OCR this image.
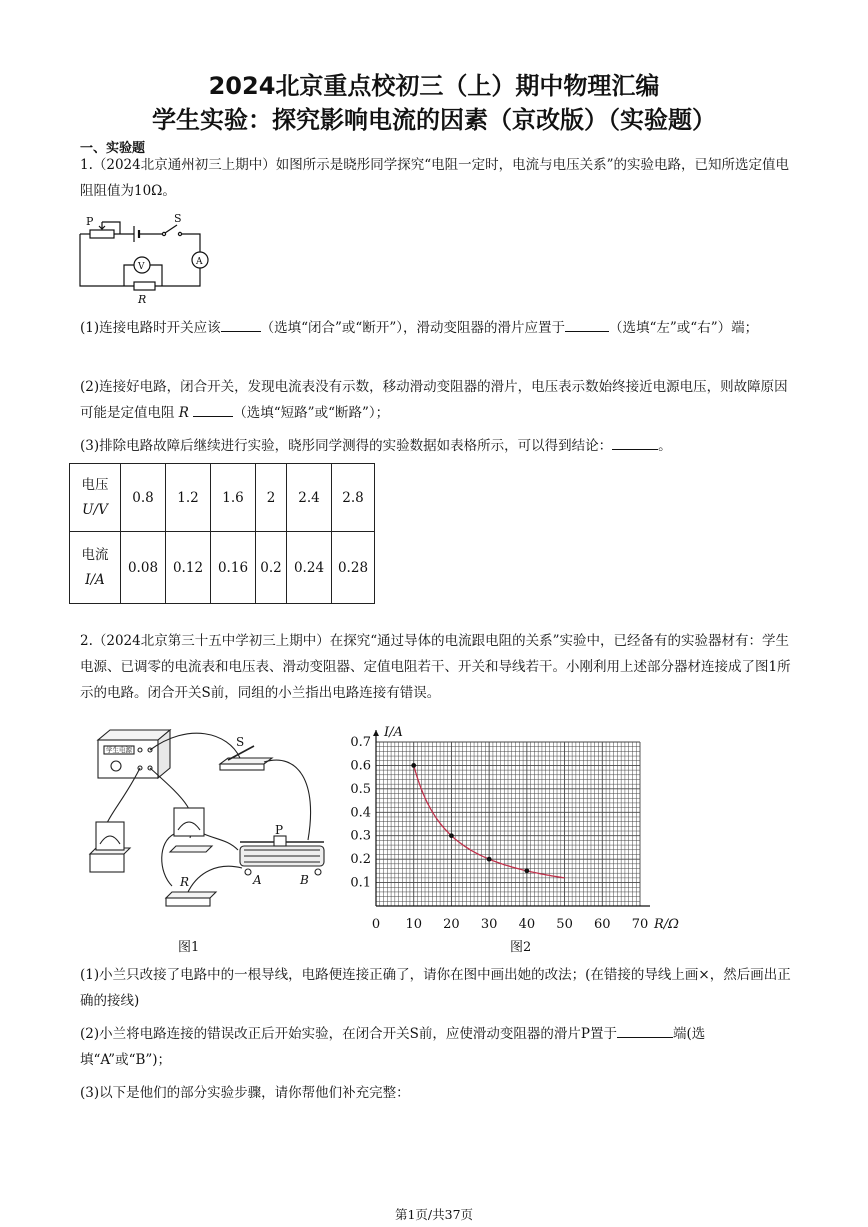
2024北京重点校初三（上）期中物理汇编
学生实验：探究影响电流的因素（京改版）（实验题）
一、实验题
1.（2024北京通州初三上期中）如图所示是晓彤同学探究“电阻一定时，电流与电压关系”的实验电路，已知所选定值电阻阻值为10Ω。
P	S
V	A
R
(1)连接电路时开关应该	（选填“闭合”或“断开”），滑动变阻器的滑片应置于	（选填“左”或“右”）端；
(2)连接好电路，闭合开关，发现电流表没有示数，移动滑动变阻器的滑片，电压表示数始终接近电源电压，则故障原因可能是定值电阻 R	（选填“短路”或“断路”）；
(3)排除电路故障后继续进行实验，晓彤同学测得的实验数据如表格所示，可以得到结论：	。
电压
U/V	0.8	1.2	1.6	2	2.4	2.8

电流
I/A	0.08	0.12	0.16	0.2	0.24	0.28
2.（2024北京第三十五中学初三上期中）在探究“通过导体的电流跟电阻的关系”实验中，已经备有的实验器材有：学生电源、已调零的电流表和电压表、滑动变阻器、定值电阻若干、开关和导线若干。小刚利用上述部分器材连接成了图1所示的电路。闭合开关S前，同组的小兰指出电路连接有错误。
学生电源
S
P
R	A	B
图1
0 10 20 30 40 50 60 70
0.1
0.2
0.3
0.4
0.5
0.6
0.7
R/Ω
I/A
图2
(1)小兰只改接了电路中的一根导线，电路便连接正确了，请你在图中画出她的改法；(在错接的导线上画×，然后画出正确的接线)
(2)小兰将电路连接的错误改正后开始实验，在闭合开关S前，应使滑动变阻器的滑片P置于	端(选填“A”或“B”)；
(3)以下是他们的部分实验步骤，请你帮他们补充完整：
第1页/共37页
